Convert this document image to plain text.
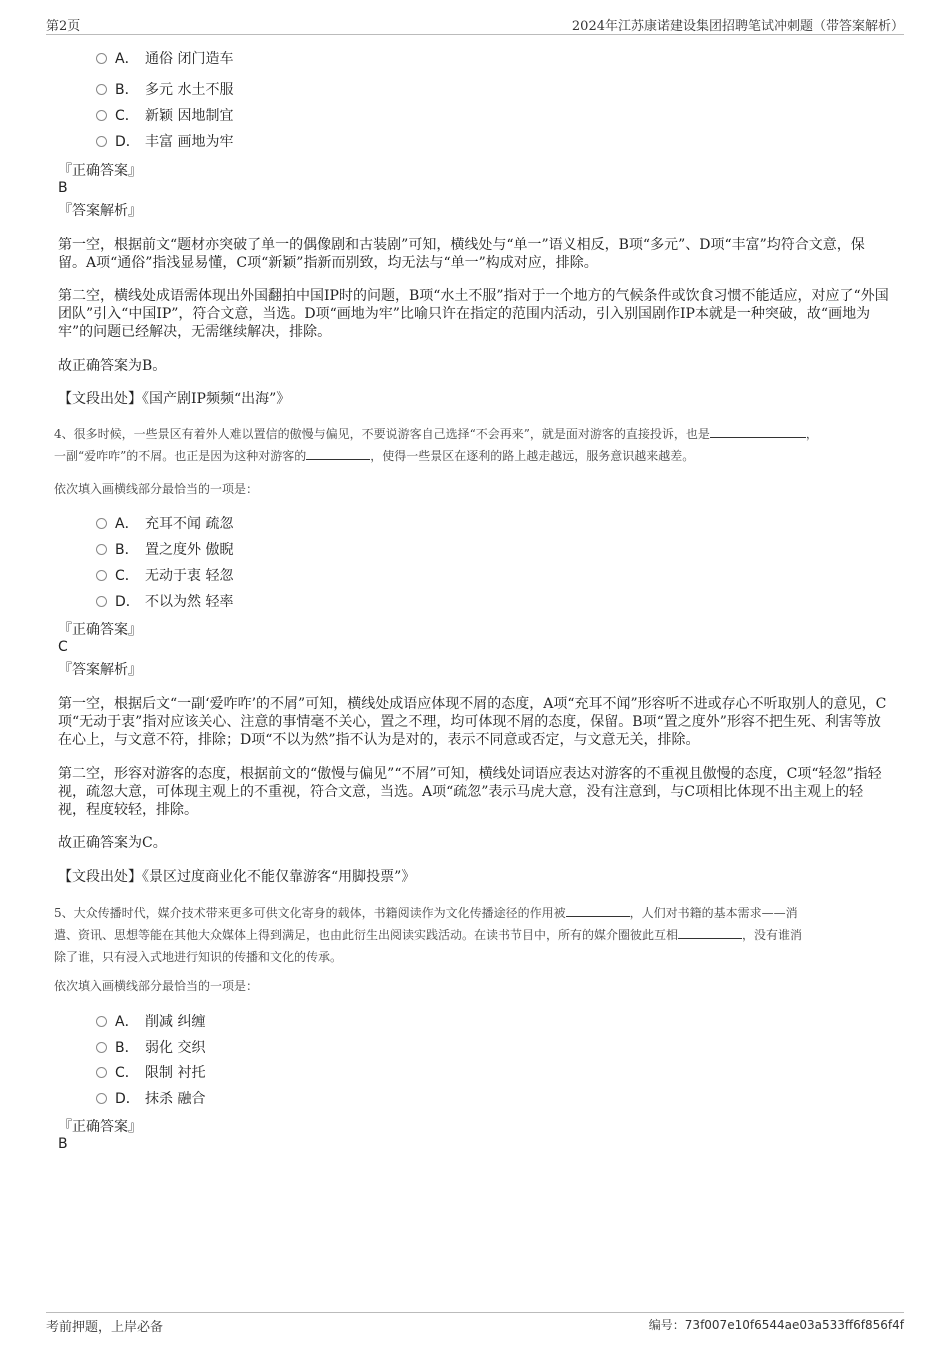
第2页	2024年江苏康诺建设集团招聘笔试冲刺题（带答案解析）
A． 通俗 闭门造车
B． 多元 水土不服
C． 新颖 因地制宜
D． 丰富 画地为牢
『正确答案』
B
『答案解析』
第一空，根据前文“题材亦突破了单一的偶像剧和古装剧”可知，横线处与“单一”语义相反，B项“多元”、D项“丰富”均符合文意，保留。A项“通俗”指浅显易懂，C项“新颖”指新而别致，均无法与“单一”构成对应，排除。
第二空，横线处成语需体现出外国翻拍中国IP时的问题，B项“水土不服”指对于一个地方的气候条件或饮食习惯不能适应，对应了“外国团队”引入“中国IP”，符合文意，当选。D项“画地为牢”比喻只许在指定的范围内活动，引入别国剧作IP本就是一种突破，故“画地为牢”的问题已经解决，无需继续解决，排除。
故正确答案为B。
【文段出处】《国产剧IP频频“出海”》
4、很多时候，一些景区有着外人难以置信的傲慢与偏见，不要说游客自己选择“不会再来”，就是面对游客的直接投诉，也是	，
一副“爱咋咋”的不屑。也正是因为这种对游客的	，使得一些景区在逐利的路上越走越远，服务意识越来越差。
依次填入画横线部分最恰当的一项是：
A． 充耳不闻 疏忽
B． 置之度外 傲睨
C． 无动于衷 轻忽
D． 不以为然 轻率
『正确答案』
C
『答案解析』
第一空，根据后文“一副‘爱咋咋’的不屑”可知，横线处成语应体现不屑的态度，A项“充耳不闻”形容听不进或存心不听取别人的意见，C项“无动于衷”指对应该关心、注意的事情毫不关心，置之不理，均可体现不屑的态度，保留。B项“置之度外”形容不把生死、利害等放在心上，与文意不符，排除；D项“不以为然”指不认为是对的，表示不同意或否定，与文意无关，排除。
第二空，形容对游客的态度，根据前文的“傲慢与偏见”“不屑”可知，横线处词语应表达对游客的不重视且傲慢的态度，C项“轻忽”指轻视，疏忽大意，可体现主观上的不重视，符合文意，当选。A项“疏忽”表示马虎大意，没有注意到，与C项相比体现不出主观上的轻视，程度较轻，排除。
故正确答案为C。
【文段出处】《景区过度商业化不能仅靠游客“用脚投票”》
5、大众传播时代，媒介技术带来更多可供文化寄身的载体，书籍阅读作为文化传播途径的作用被	，人们对书籍的基本需求——消
遣、资讯、思想等能在其他大众媒体上得到满足，也由此衍生出阅读实践活动。在读书节目中，所有的媒介圈彼此互相	，没有谁消
除了谁，只有浸入式地进行知识的传播和文化的传承。
依次填入画横线部分最恰当的一项是：
A． 削减 纠缠
B． 弱化 交织
C． 限制 衬托
D． 抹杀 融合
『正确答案』
B
考前押题，上岸必备	编号：73f007e10f6544ae03a533ff6f856f4f
